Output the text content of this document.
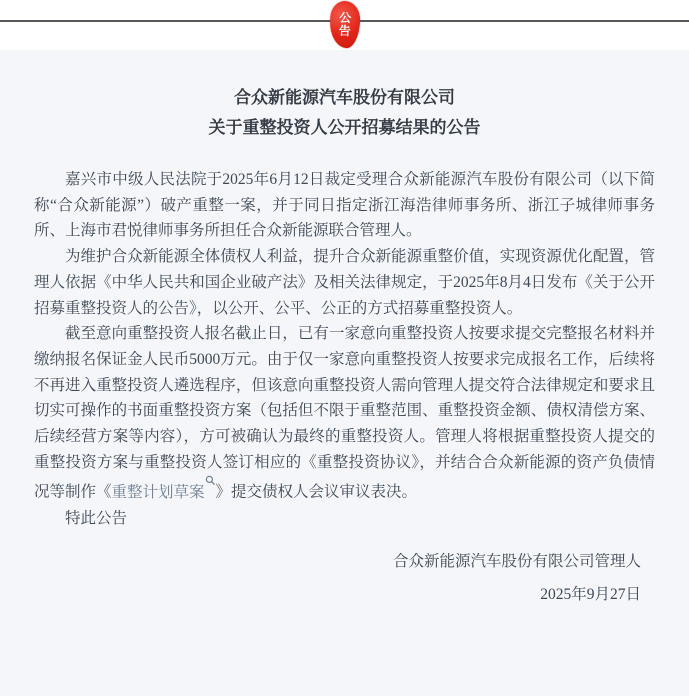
公
告
合众新能源汽车股份有限公司
关于重整投资人公开招募结果的公告

嘉兴市中级人民法院于2025年6月12日裁定受理合众新能源汽车股份有限公司（以下简称“合众新能源”）破产重整一案，并于同日指定浙江海浩律师事务所、浙江子城律师事务所、上海市君悦律师事务所担任合众新能源联合管理人。

为维护合众新能源全体债权人利益，提升合众新能源重整价值，实现资源优化配置，管理人依据《中华人民共和国企业破产法》及相关法律规定，于2025年8月4日发布《关于公开招募重整投资人的公告》，以公开、公平、公正的方式招募重整投资人。

截至意向重整投资人报名截止日，已有一家意向重整投资人按要求提交完整报名材料并缴纳报名保证金人民币5000万元。由于仅一家意向重整投资人按要求完成报名工作，后续将不再进入重整投资人遴选程序，但该意向重整投资人需向管理人提交符合法律规定和要求且切实可操作的书面重整投资方案（包括但不限于重整范围、重整投资金额、债权清偿方案、后续经营方案等内容），方可被确认为最终的重整投资人。管理人将根据重整投资人提交的重整投资方案与重整投资人签订相应的《重整投资协议》，并结合合众新能源的资产负债情况等制作《重整计划草案 》提交债权人会议审议表决。

特此公告

合众新能源汽车股份有限公司管理人
2025年9月27日
